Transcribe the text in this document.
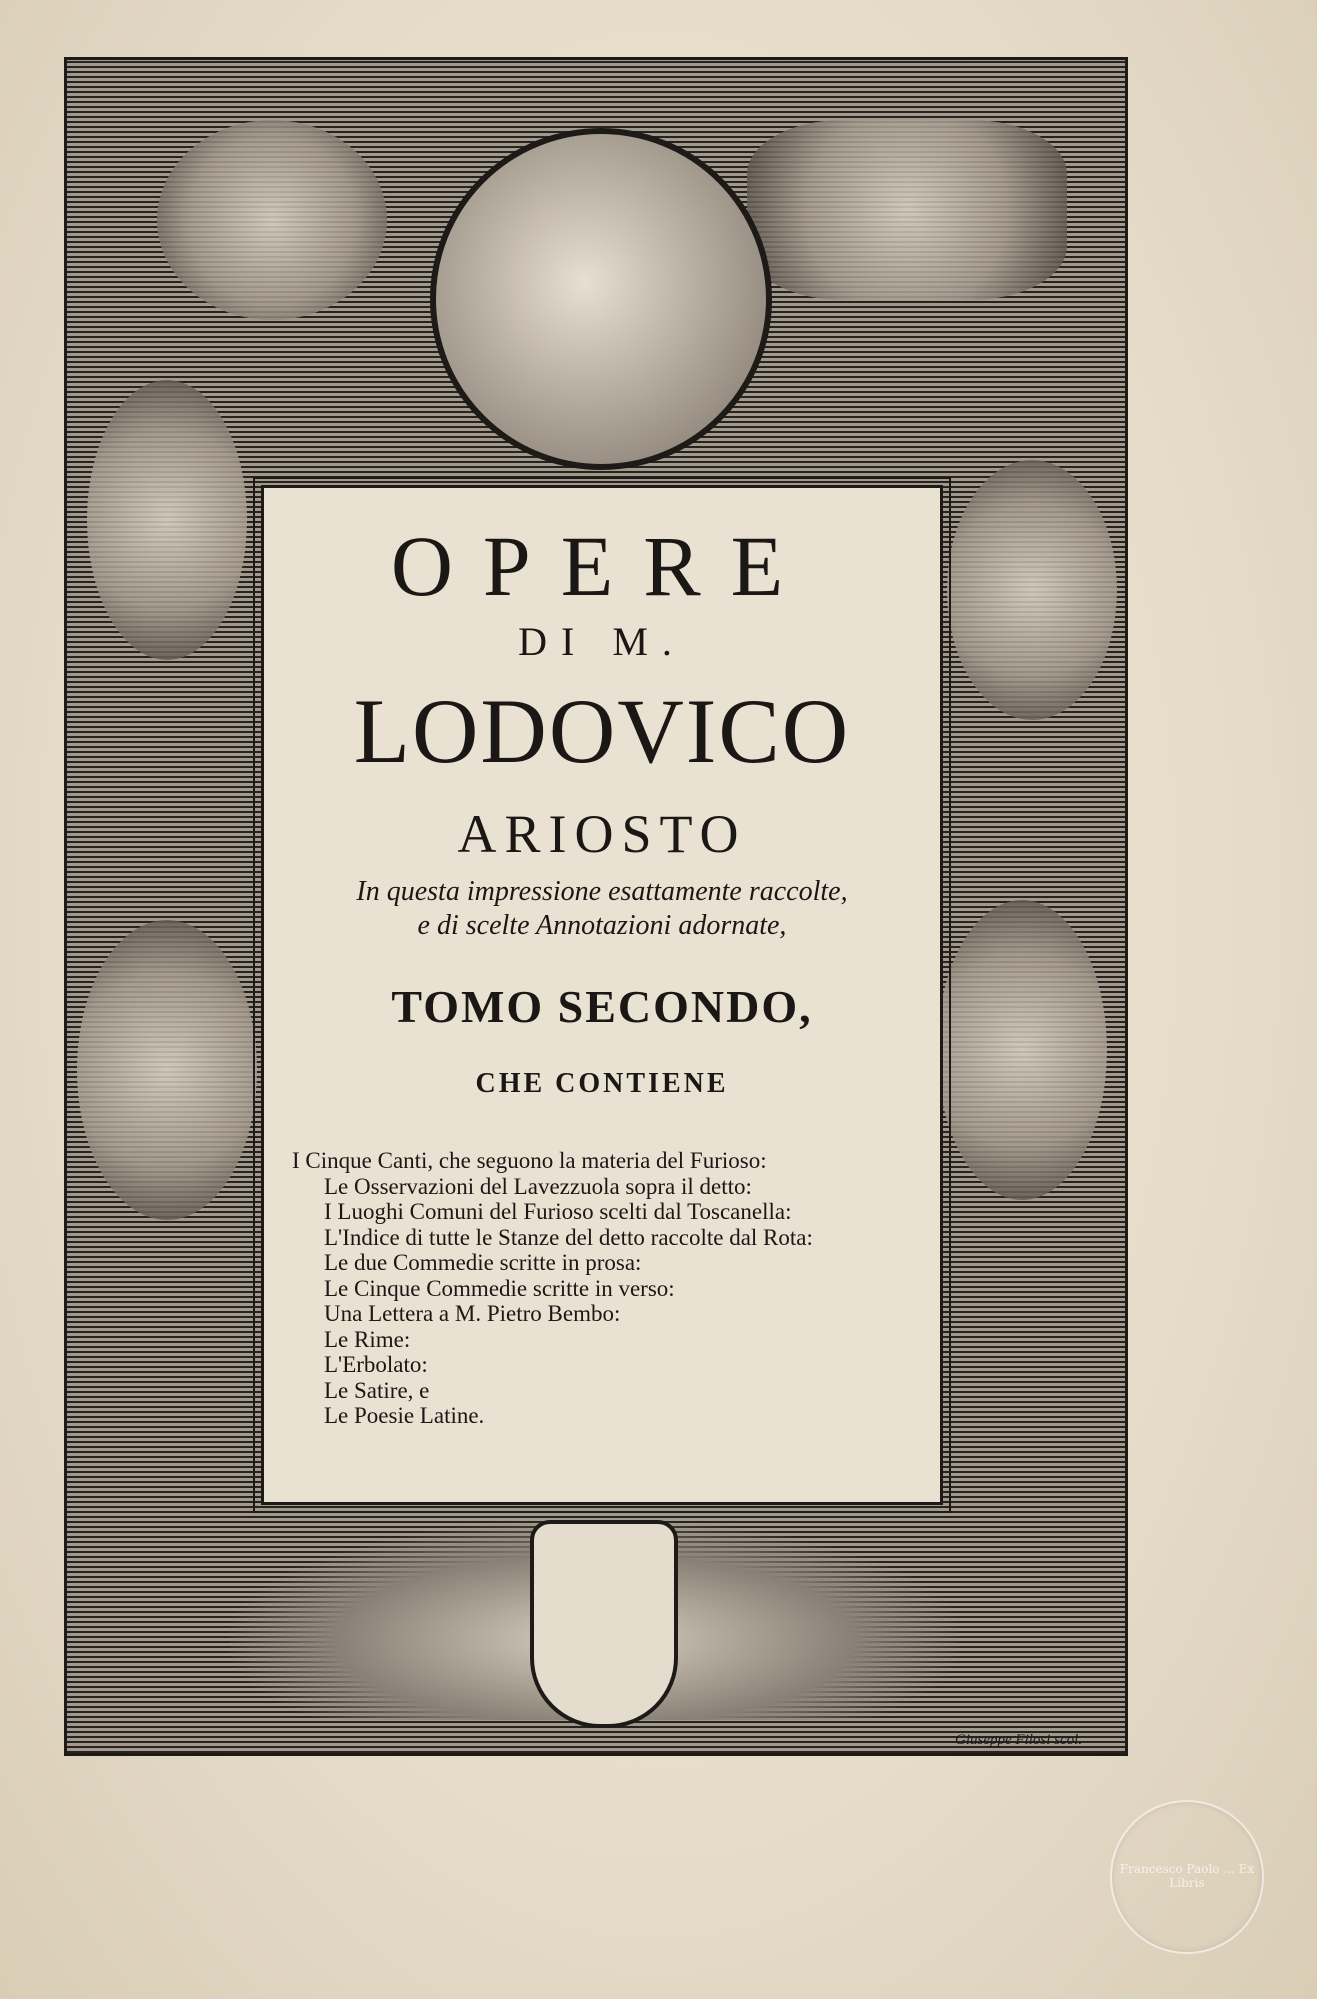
OPERE
DI M.
LODOVICO
ARIOSTO
In questa impressione esattamente raccolte,
e di scelte Annotazioni adornate,
TOMO SECONDO,
CHE CONTIENE
I Cinque Canti, che seguono la materia del Furioso:
Le Osservazioni del Lavezzuola sopra il detto:
I Luoghi Comuni del Furioso scelti dal Toscanella:
L'Indice di tutte le Stanze del detto raccolte dal Rota:
Le due Commedie scritte in prosa:
Le Cinque Commedie scritte in verso:
Una Lettera a M. Pietro Bembo:
Le Rime:
L'Erbolato:
Le Satire, e
Le Poesie Latine.
Giuseppe Filosi scol.
Francesco Paolo ... Ex Libris
